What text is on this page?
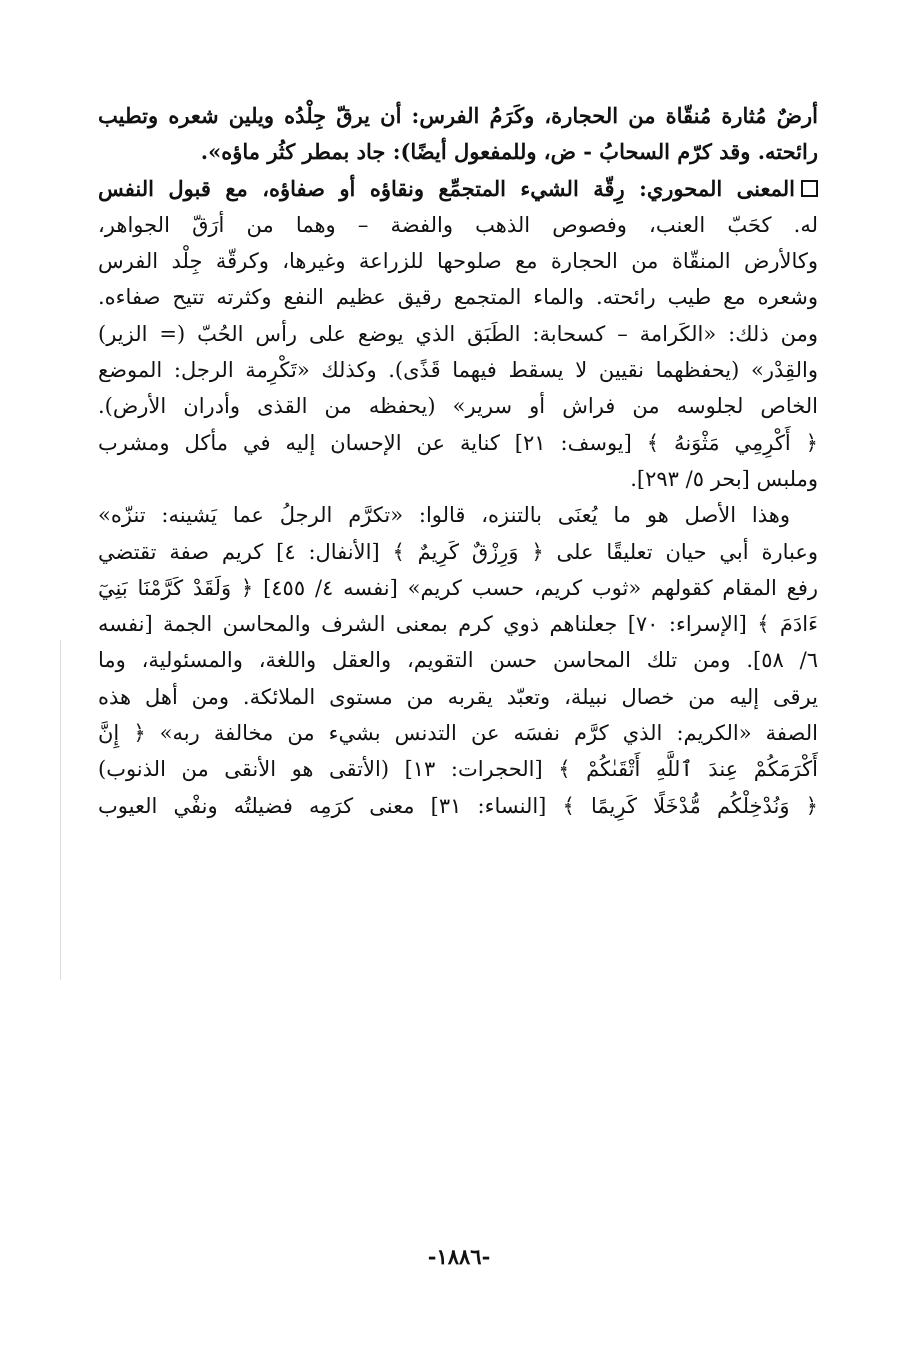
أرضٌ مُثارة مُنقّاة من الحجارة، وكَرَمُ الفرس: أن يرقّ جِلْدُه ويلين شعره وتطيب
رائحته. وقد كرّم السحابُ - ض، وللمفعول أيضًا): جاد بمطر كثُر ماؤه».
المعنى المحوري: رِقّة الشيء المتجمِّع ونقاؤه أو صفاؤه، مع قبول النفس
له. كحَبّ العنب، وفصوص الذهب والفضة – وهما من أرَقّ الجواهر،
وكالأرض المنقّاة من الحجارة مع صلوحها للزراعة وغيرها، وكرقّة جِلْد الفرس
وشعره مع طيب رائحته. والماء المتجمع رقيق عظيم النفع وكثرته تتيح صفاءه.
ومن ذلك: «الكَرامة – كسحابة: الطَبَق الذي يوضع على رأس الحُبّ (= الزير)
والقِدْر» (يحفظهما نقيين لا يسقط فيهما قَذًى). وكذلك «تَكْرِمة الرجل: الموضع
الخاص لجلوسه من فراش أو سرير» (يحفظه من القذى وأدران الأرض).
﴿ أَكْرِمِي مَثْوَنهُ ﴾ [يوسف: ٢١] كناية عن الإحسان إليه في مأكل ومشرب
وملبس [بحر ٥/ ٢٩٣].
وهذا الأصل هو ما يُعنَى بالتنزه، قالوا: «تكرَّم الرجلُ عما يَشينه: تنزّه»
وعبارة أبي حيان تعليقًا على ﴿ وَرِزْقٌ كَرِيمٌ ﴾ [الأنفال: ٤] كريم صفة تقتضي
رفع المقام كقولهم «ثوب كريم، حسب كريم» [نفسه ٤/ ٤٥٥] ﴿ وَلَقَدْ كَرَّمْنَا بَنِيٓ
ءَادَمَ ﴾ [الإسراء: ٧٠] جعلناهم ذوي كرم بمعنى الشرف والمحاسن الجمة [نفسه
٦/ ٥٨]. ومن تلك المحاسن حسن التقويم، والعقل واللغة، والمسئولية، وما
يرقى إليه من خصال نبيلة، وتعبّد يقربه من مستوى الملائكة. ومن أهل هذه
الصفة «الكريم: الذي كرَّم نفسَه عن التدنس بشيء من مخالفة ربه» ﴿ إِنَّ
أَكْرَمَكُمْ عِندَ ٱللَّهِ أَتْقَىٰكُمْ ﴾ [الحجرات: ١٣] (الأتقى هو الأنقى من الذنوب)
﴿ وَنُدْخِلْكُم مُّدْخَلًا كَرِيمًا ﴾ [النساء: ٣١] معنى كرَمِه فضيلتُه ونفْي العيوب
-١٨٨٦-
